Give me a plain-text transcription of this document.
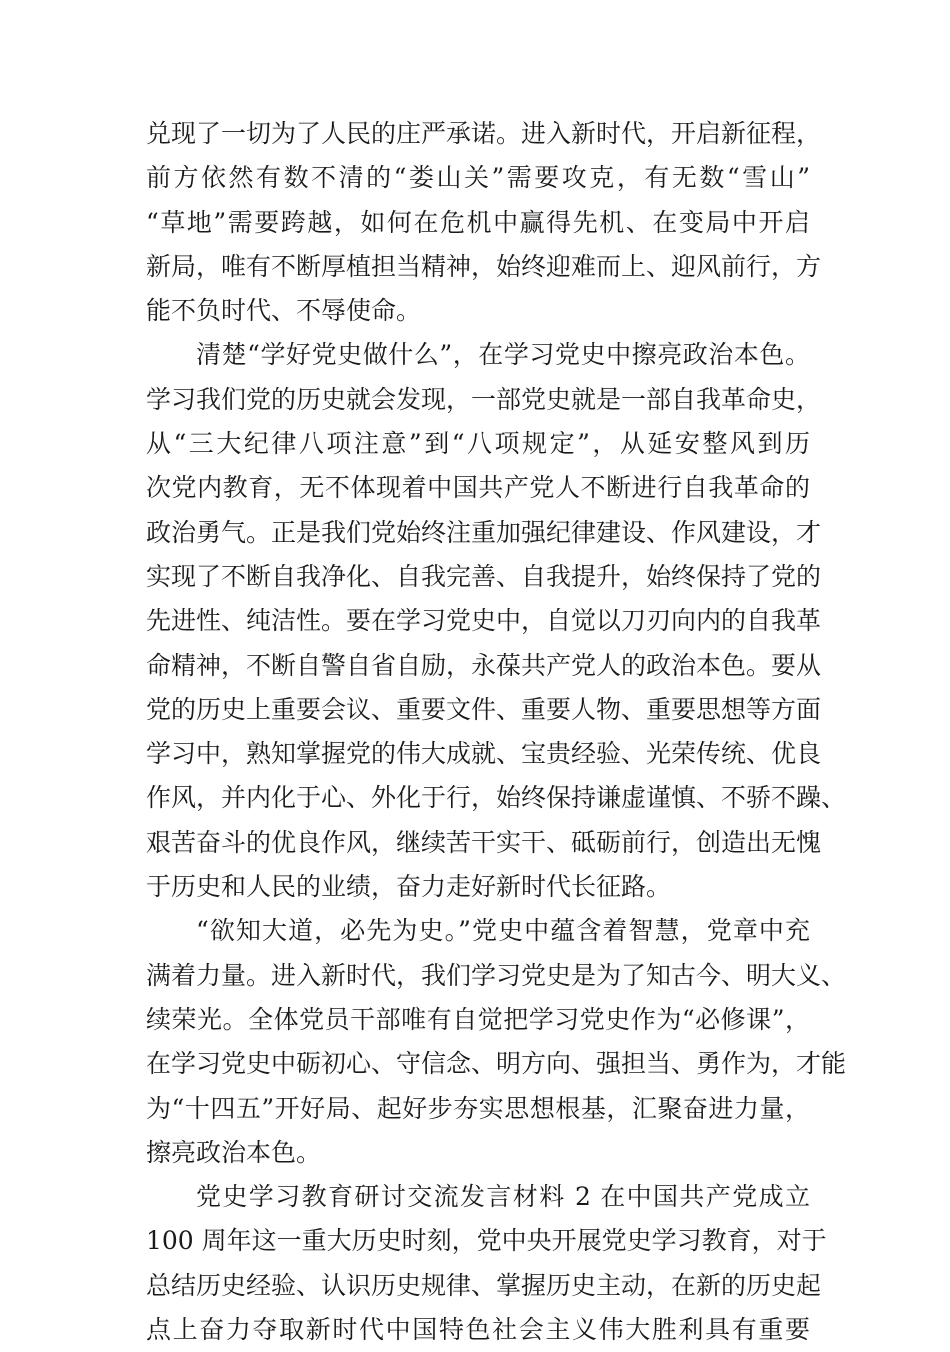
兑现了一切为了人民的庄严承诺。进入新时代，开启新征程，
前方依然有数不清的“娄山关”需要攻克，有无数“雪山”
“草地”需要跨越，如何在危机中赢得先机、在变局中开启
新局，唯有不断厚植担当精神，始终迎难而上、迎风前行，方
能不负时代、不辱使命。
清楚“学好党史做什么”，在学习党史中擦亮政治本色。
学习我们党的历史就会发现，一部党史就是一部自我革命史，
从“三大纪律八项注意”到“八项规定”，从延安整风到历
次党内教育，无不体现着中国共产党人不断进行自我革命的
政治勇气。正是我们党始终注重加强纪律建设、作风建设，才
实现了不断自我净化、自我完善、自我提升，始终保持了党的
先进性、纯洁性。要在学习党史中，自觉以刀刃向内的自我革
命精神，不断自警自省自励，永葆共产党人的政治本色。要从
党的历史上重要会议、重要文件、重要人物、重要思想等方面
学习中，熟知掌握党的伟大成就、宝贵经验、光荣传统、优良
作风，并内化于心、外化于行，始终保持谦虚谨慎、不骄不躁、
艰苦奋斗的优良作风，继续苦干实干、砥砺前行，创造出无愧
于历史和人民的业绩，奋力走好新时代长征路。
“欲知大道，必先为史。”党史中蕴含着智慧，党章中充
满着力量。进入新时代，我们学习党史是为了知古今、明大义、
续荣光。全体党员干部唯有自觉把学习党史作为“必修课”，
在学习党史中砺初心、守信念、明方向、强担当、勇作为，才能
为“十四五”开好局、起好步夯实思想根基，汇聚奋进力量，
擦亮政治本色。
党史学习教育研讨交流发言材料 2 在中国共产党成立
100 周年这一重大历史时刻，党中央开展党史学习教育，对于
总结历史经验、认识历史规律、掌握历史主动，在新的历史起
点上奋力夺取新时代中国特色社会主义伟大胜利具有重要
